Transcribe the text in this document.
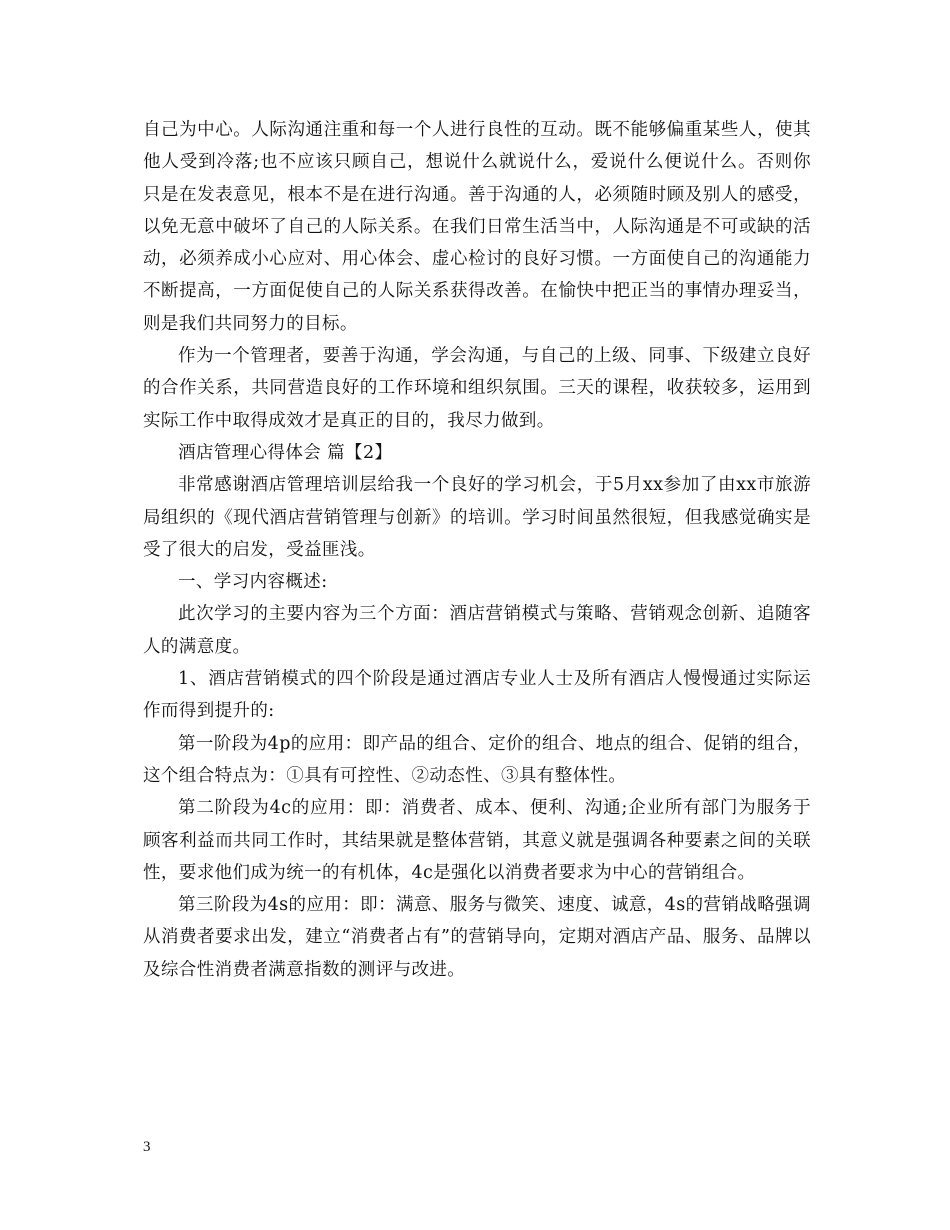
自己为中心。人际沟通注重和每一个人进行良性的互动。既不能够偏重某些人，使其他人受到冷落;也不应该只顾自己，想说什么就说什么，爱说什么便说什么。否则你只是在发表意见，根本不是在进行沟通。善于沟通的人，必须随时顾及别人的感受，以免无意中破坏了自己的人际关系。在我们日常生活当中，人际沟通是不可或缺的活动，必须养成小心应对、用心体会、虚心检讨的良好习惯。一方面使自己的沟通能力不断提高，一方面促使自己的人际关系获得改善。在愉快中把正当的事情办理妥当，则是我们共同努力的目标。

作为一个管理者，要善于沟通，学会沟通，与自己的上级、同事、下级建立良好的合作关系，共同营造良好的工作环境和组织氛围。三天的课程，收获较多，运用到实际工作中取得成效才是真正的目的，我尽力做到。

酒店管理心得体会 篇【2】

非常感谢酒店管理培训层给我一个良好的学习机会，于5月xx参加了由xx市旅游局组织的《现代酒店营销管理与创新》的培训。学习时间虽然很短，但我感觉确实是受了很大的启发，受益匪浅。

一、学习内容概述:

此次学习的主要内容为三个方面：酒店营销模式与策略、营销观念创新、追随客人的满意度。

1、酒店营销模式的四个阶段是通过酒店专业人士及所有酒店人慢慢通过实际运作而得到提升的:

第一阶段为4p的应用：即产品的组合、定价的组合、地点的组合、促销的组合，这个组合特点为：①具有可控性、②动态性、③具有整体性。

第二阶段为4c的应用：即：消费者、成本、便利、沟通;企业所有部门为服务于顾客利益而共同工作时，其结果就是整体营销，其意义就是强调各种要素之间的关联性，要求他们成为统一的有机体，4c是强化以消费者要求为中心的营销组合。

第三阶段为4s的应用：即：满意、服务与微笑、速度、诚意，4s的营销战略强调从消费者要求出发，建立“消费者占有”的营销导向，定期对酒店产品、服务、品牌以及综合性消费者满意指数的测评与改进。

3
